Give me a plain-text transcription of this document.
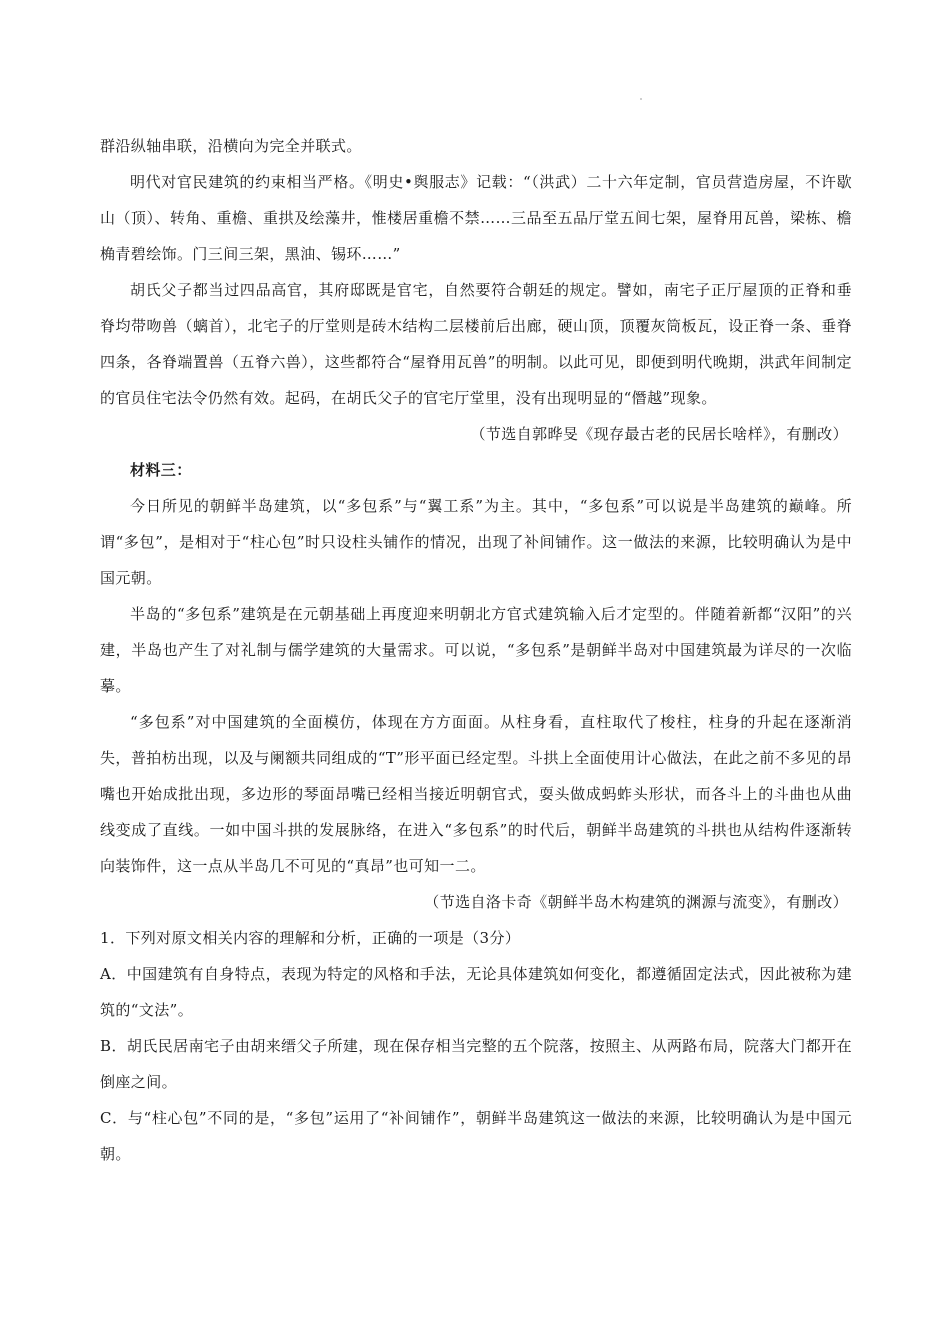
群沿纵轴串联，沿横向为完全并联式。

明代对官民建筑的约束相当严格。《明史•舆服志》记载：“（洪武）二十六年定制，官员营造房屋，不许歇山（顶）、转角、重檐、重拱及绘藻井，惟楼居重檐不禁……三品至五品厅堂五间七架，屋脊用瓦兽，梁栋、檐桷青碧绘饰。门三间三架，黑油、锡环……”

胡氏父子都当过四品高官，其府邸既是官宅，自然要符合朝廷的规定。譬如，南宅子正厅屋顶的正脊和垂脊均带吻兽（螭首），北宅子的厅堂则是砖木结构二层楼前后出廊，硬山顶，顶覆灰筒板瓦，设正脊一条、垂脊四条，各脊端置兽（五脊六兽），这些都符合“屋脊用瓦兽”的明制。以此可见，即便到明代晚期，洪武年间制定的官员住宅法令仍然有效。起码，在胡氏父子的官宅厅堂里，没有出现明显的“僭越”现象。

（节选自郭晔旻《现存最古老的民居长啥样》，有删改）

材料三：

今日所见的朝鲜半岛建筑，以“多包系”与“翼工系”为主。其中，“多包系”可以说是半岛建筑的巅峰。所谓“多包”，是相对于“柱心包”时只设柱头铺作的情况，出现了补间铺作。这一做法的来源，比较明确认为是中国元朝。

半岛的“多包系”建筑是在元朝基础上再度迎来明朝北方官式建筑输入后才定型的。伴随着新都“汉阳”的兴建，半岛也产生了对礼制与儒学建筑的大量需求。可以说，“多包系”是朝鲜半岛对中国建筑最为详尽的一次临摹。

“多包系”对中国建筑的全面模仿，体现在方方面面。从柱身看，直柱取代了梭柱，柱身的升起在逐渐消失，普拍枋出现，以及与阑额共同组成的“T”形平面已经定型。斗拱上全面使用计心做法，在此之前不多见的昂嘴也开始成批出现，多边形的琴面昂嘴已经相当接近明朝官式，耍头做成蚂蚱头形状，而各斗上的斗曲也从曲线变成了直线。一如中国斗拱的发展脉络，在进入“多包系”的时代后，朝鲜半岛建筑的斗拱也从结构件逐渐转向装饰件，这一点从半岛几不可见的“真昂”也可知一二。

（节选自洛卡奇《朝鲜半岛木构建筑的渊源与流变》，有删改）

1．下列对原文相关内容的理解和分析，正确的一项是（3分）

A．中国建筑有自身特点，表现为特定的风格和手法，无论具体建筑如何变化，都遵循固定法式，因此被称为建筑的“文法”。

B．胡氏民居南宅子由胡来缙父子所建，现在保存相当完整的五个院落，按照主、从两路布局，院落大门都开在倒座之间。

C．与“柱心包”不同的是，“多包”运用了“补间铺作”，朝鲜半岛建筑这一做法的来源，比较明确认为是中国元朝。
